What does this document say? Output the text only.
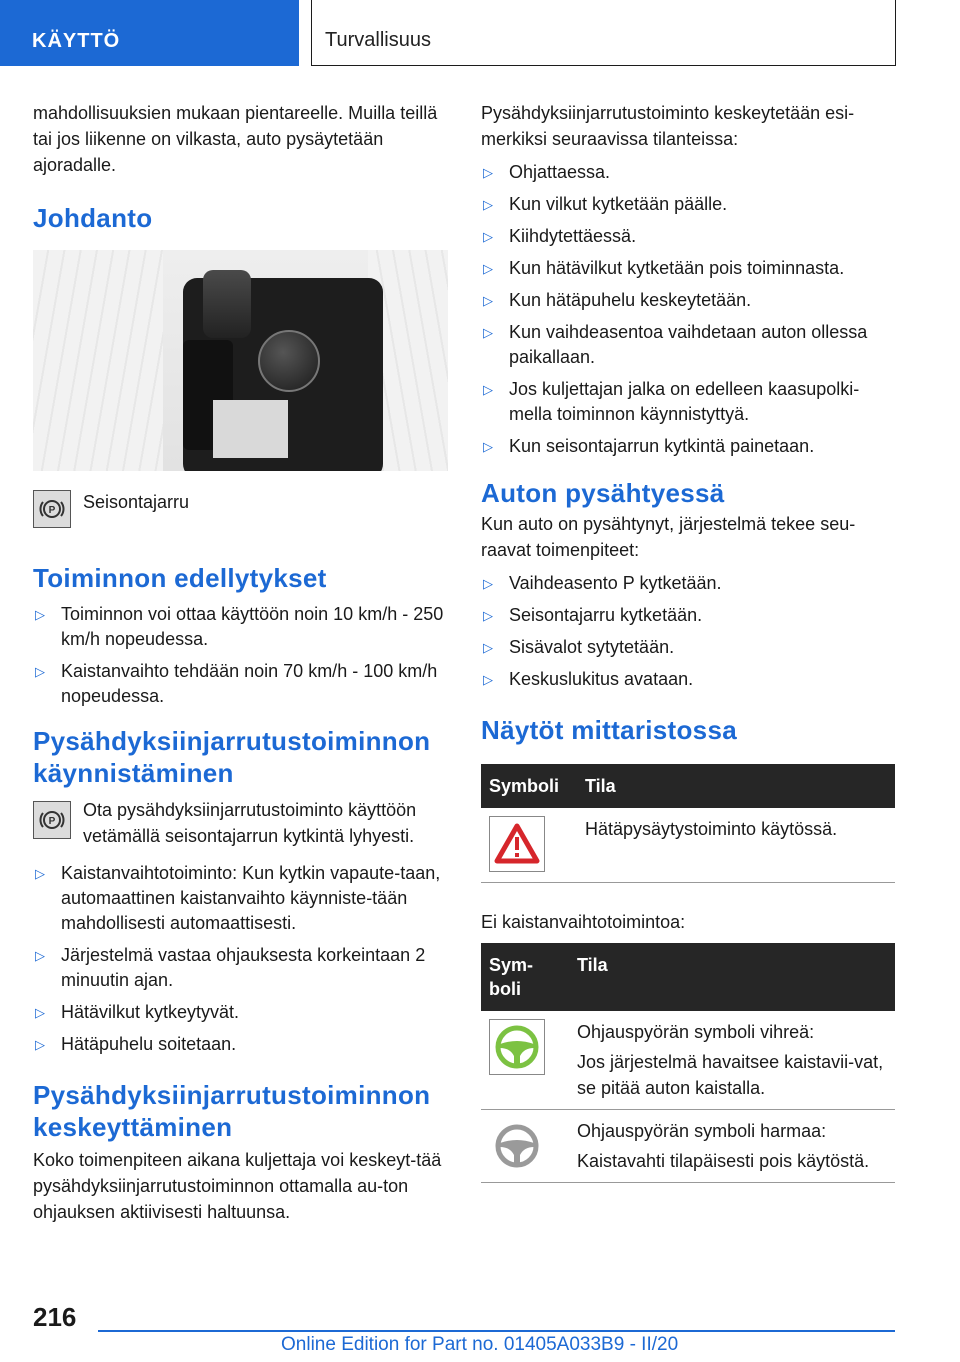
KÄYTTÖ	Turvallisuus

mahdollisuuksien mukaan pientareelle. Muilla teillä tai jos liikenne on vilkasta, auto pysäytetään ajoradalle.

Johdanto
P Seisontajarru
Toiminnon edellytykset
▷ Toiminnon voi ottaa käyttöön noin 10 km/h - 250 km/h nopeudessa.
▷ Kaistanvaihto tehdään noin 70 km/h - 100 km/h nopeudessa.
Pysähdyksiinjarrutustoiminnon käynnistäminen
P

Ota pysähdyksiinjarrutustoiminto käyttöön vetämällä seisontajarrun kytkintä lyhyesti.

▷ Kaistanvaihtotoiminto: Kun kytkin vapaute-taan, automaattinen kaistanvaihto käynniste-tään mahdollisesti automaattisesti.
▷ Järjestelmä vastaa ohjauksesta korkeintaan 2 minuutin ajan.
▷ Hätävilkut kytkeytyvät.
▷ Hätäpuhelu soitetaan.
Pysähdyksiinjarrutustoiminnon keskeyttäminen

Koko toimenpiteen aikana kuljettaja voi keskeyt-tää pysähdyksiinjarrutustoiminnon ottamalla au-ton ohjauksen aktiivisesti haltuunsa.

Pysähdyksiinjarrutustoiminto keskeytetään esi-merkiksi seuraavissa tilanteissa:

▷ Ohjattaessa.
▷ Kun vilkut kytketään päälle.
▷ Kiihdytettäessä.
▷ Kun hätävilkut kytketään pois toiminnasta.
▷ Kun hätäpuhelu keskeytetään.
▷ Kun vaihdeasentoa vaihdetaan auton ollessa paikallaan.
▷ Jos kuljettajan jalka on edelleen kaasupolki-mella toiminnon käynnistyttyä.
▷ Kun seisontajarrun kytkintä painetaan.
Auton pysähtyessä

Kun auto on pysähtynyt, järjestelmä tekee seu-raavat toimenpiteet:

▷ Vaihdeasento P kytketään.
▷ Seisontajarru kytketään.
▷ Sisävalot sytytetään.
▷ Keskuslukitus avataan.
Näytöt mittaristossa
Symboli	Tila

	Hätäpysäytystoiminto käytössä.

Ei kaistanvaihtotoimintoa:

Sym-boli	Tila

Ohjauspyörän symboli vihreä:
Jos järjestelmä havaitsee kaistavii-vat, se pitää auton kaistalla.

Ohjauspyörän symboli harmaa:
Kaistavahti tilapäisesti pois käytöstä.
216
Online Edition for Part no. 01405A033B9 - II/20
